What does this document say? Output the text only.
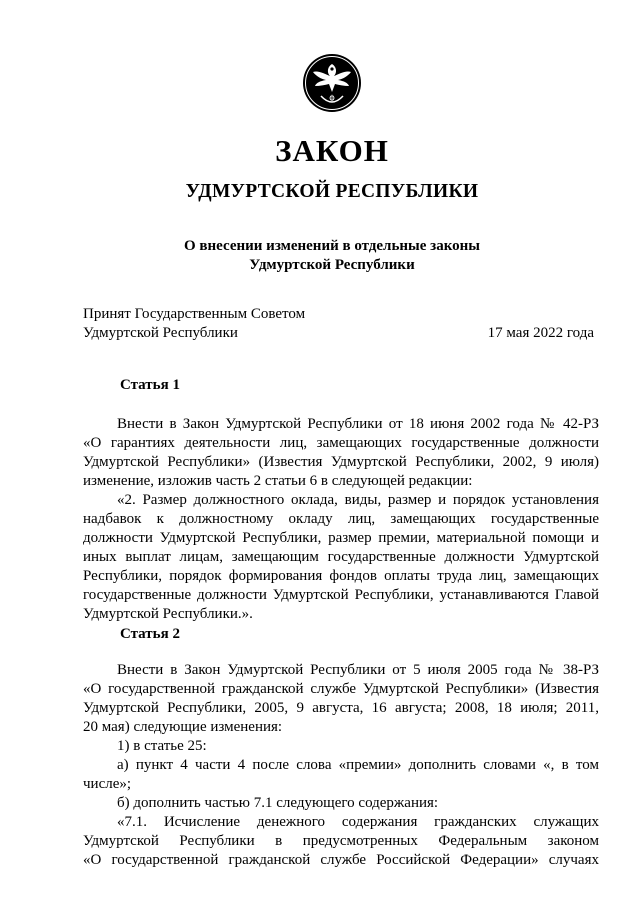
ЗАКОН
УДМУРТСКОЙ РЕСПУБЛИКИ
О внесении изменений в отдельные законы
Удмуртской Республики
Принят Государственным Советом
Удмуртской Республики	17 мая 2022 года
Статья 1
Внести в Закон Удмуртской Республики от 18 июня 2002 года № 42-РЗ
«О гарантиях деятельности лиц, замещающих государственные должности
Удмуртской Республики» (Известия Удмуртской Республики, 2002, 9 июля)
изменение, изложив часть 2 статьи 6 в следующей редакции:
«2. Размер должностного оклада, виды, размер и порядок установления
надбавок к должностному окладу лиц, замещающих государственные
должности Удмуртской Республики, размер премии, материальной помощи и
иных выплат лицам, замещающим государственные должности Удмуртской
Республики, порядок формирования фондов оплаты труда лиц, замещающих
государственные должности Удмуртской Республики, устанавливаются Главой
Удмуртской Республики.».
Статья 2
Внести в Закон Удмуртской Республики от 5 июля 2005 года № 38-РЗ
«О государственной гражданской службе Удмуртской Республики» (Известия
Удмуртской Республики, 2005, 9 августа, 16 августа; 2008, 18 июля; 2011,
20 мая) следующие изменения:
1) в статье 25:
а) пункт 4 части 4 после слова «премии» дополнить словами «, в том
числе»;
б) дополнить частью 7.1 следующего содержания:
«7.1. Исчисление денежного содержания гражданских служащих
Удмуртской Республики в предусмотренных Федеральным законом
«О государственной гражданской службе Российской Федерации» случаях
